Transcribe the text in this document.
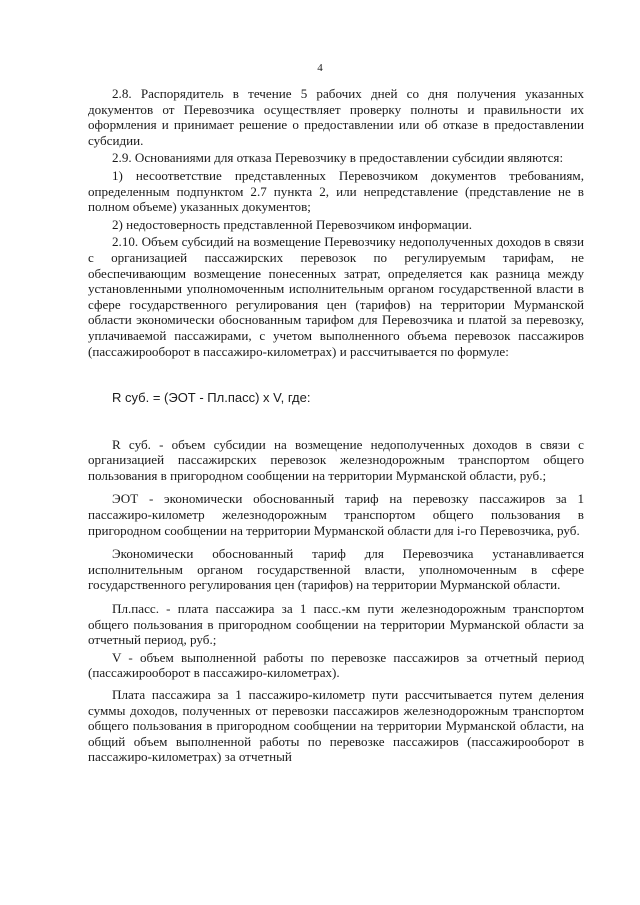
4

2.8. Распорядитель в течение 5 рабочих дней со дня получения указанных документов от Перевозчика осуществляет проверку полноты и правильности их оформления и принимает решение о предоставлении или об отказе в предоставлении субсидии.

2.9. Основаниями для отказа Перевозчику в предоставлении субсидии являются:

1) несоответствие представленных Перевозчиком документов требованиям, определенным подпунктом 2.7 пункта 2, или непредставление (представление не в полном объеме) указанных документов;

2) недостоверность представленной Перевозчиком информации.

2.10. Объем субсидий на возмещение Перевозчику недополученных доходов в связи с организацией пассажирских перевозок по регулируемым тарифам, не обеспечивающим возмещение понесенных затрат, определяется как разница между установленными уполномоченным исполнительным органом государственной власти в сфере государственного регулирования цен (тарифов) на территории Мурманской области экономически обоснованным тарифом для Перевозчика и платой за перевозку, уплачиваемой пассажирами, с учетом выполненного объема перевозок пассажиров (пассажирооборот в пассажиро-километрах) и рассчитывается по формуле:

R суб. = (ЭОТ - Пл.пасс) х V, где:

R суб. - объем субсидии на возмещение недополученных доходов в связи с организацией пассажирских перевозок железнодорожным транспортом общего пользования в пригородном сообщении на территории Мурманской области, руб.;

ЭОТ - экономически обоснованный тариф на перевозку пассажиров за 1 пассажиро-километр железнодорожным транспортом общего пользования в пригородном сообщении на территории Мурманской области для i-го Перевозчика, руб.

Экономически обоснованный тариф для Перевозчика устанавливается исполнительным органом государственной власти, уполномоченным в сфере государственного регулирования цен (тарифов) на территории Мурманской области.

Пл.пасс. - плата пассажира за 1 пасс.-км пути железнодорожным транспортом общего пользования в пригородном сообщении на территории Мурманской области за отчетный период, руб.;

V - объем выполненной работы по перевозке пассажиров за отчетный период (пассажирооборот в пассажиро-километрах).

Плата пассажира за 1 пассажиро-километр пути рассчитывается путем деления суммы доходов, полученных от перевозки пассажиров железнодорожным транспортом общего пользования в пригородном сообщении на территории Мурманской области, на общий объем выполненной работы по перевозке пассажиров (пассажирооборот в пассажиро-километрах) за отчетный
